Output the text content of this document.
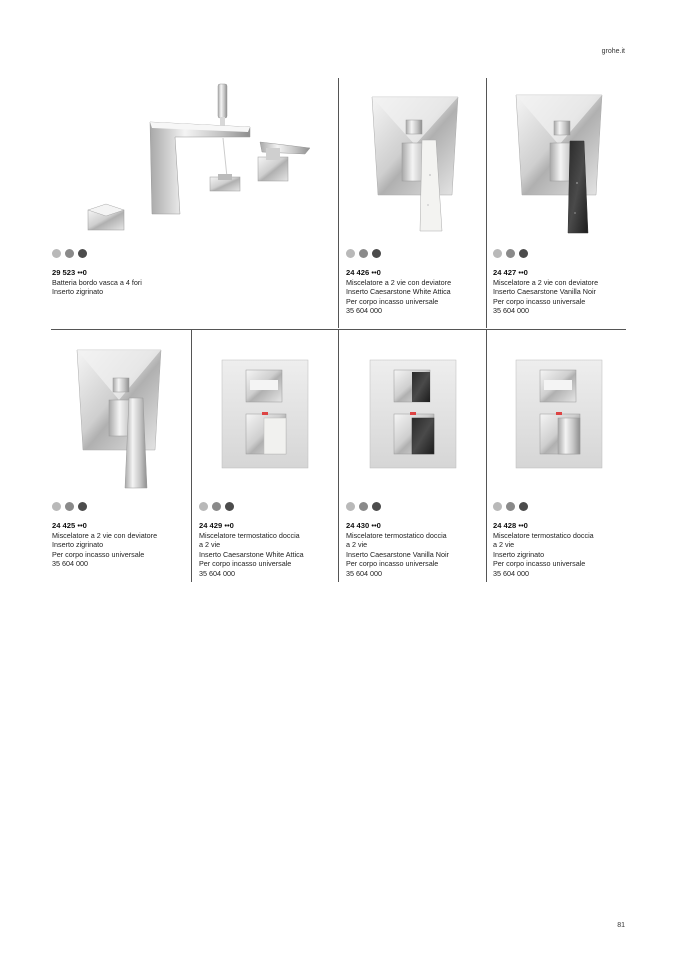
grohe.it
29 523 ••0
Batteria bordo vasca a 4 fori
Inserto zigrinato
24 426 ••0
Miscelatore a 2 vie con deviatore
Inserto Caesarstone White Attica
Per corpo incasso universale
35 604 000
24 427 ••0
Miscelatore a 2 vie con deviatore
Inserto Caesarstone Vanilla Noir
Per corpo incasso universale
35 604 000
24 425 ••0
Miscelatore a 2 vie con deviatore
Inserto zigrinato
Per corpo incasso universale
35 604 000
24 429 ••0
Miscelatore termostatico doccia
a 2 vie
Inserto Caesarstone White Attica
Per corpo incasso universale
35 604 000
24 430 ••0
Miscelatore termostatico doccia
a 2 vie
Inserto Caesarstone Vanilla Noir
Per corpo incasso universale
35 604 000
24 428 ••0
Miscelatore termostatico doccia
a 2 vie
Inserto zigrinato
Per corpo incasso universale
35 604 000
81
